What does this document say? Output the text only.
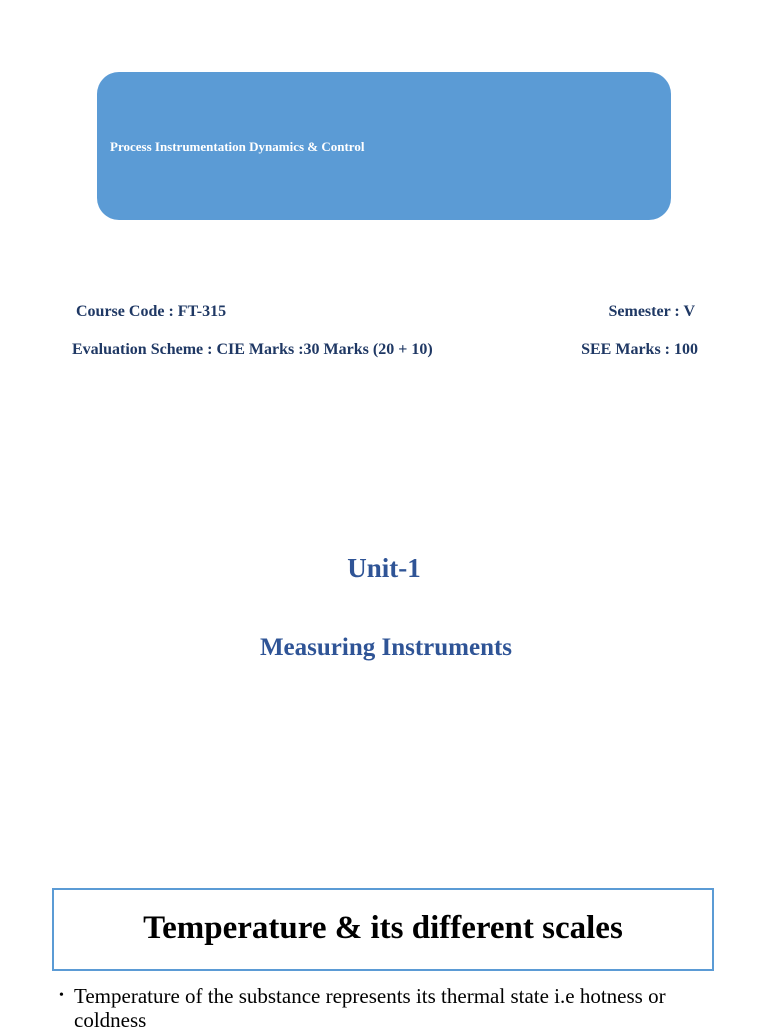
Process Instrumentation Dynamics & Control
Course Code : FT-315	Semester : V
Evaluation Scheme : CIE Marks :30 Marks (20 + 10)	SEE Marks : 100
Unit-1
Measuring Instruments
Temperature & its different scales
• Temperature of the substance represents its thermal state i.e hotness or coldness
